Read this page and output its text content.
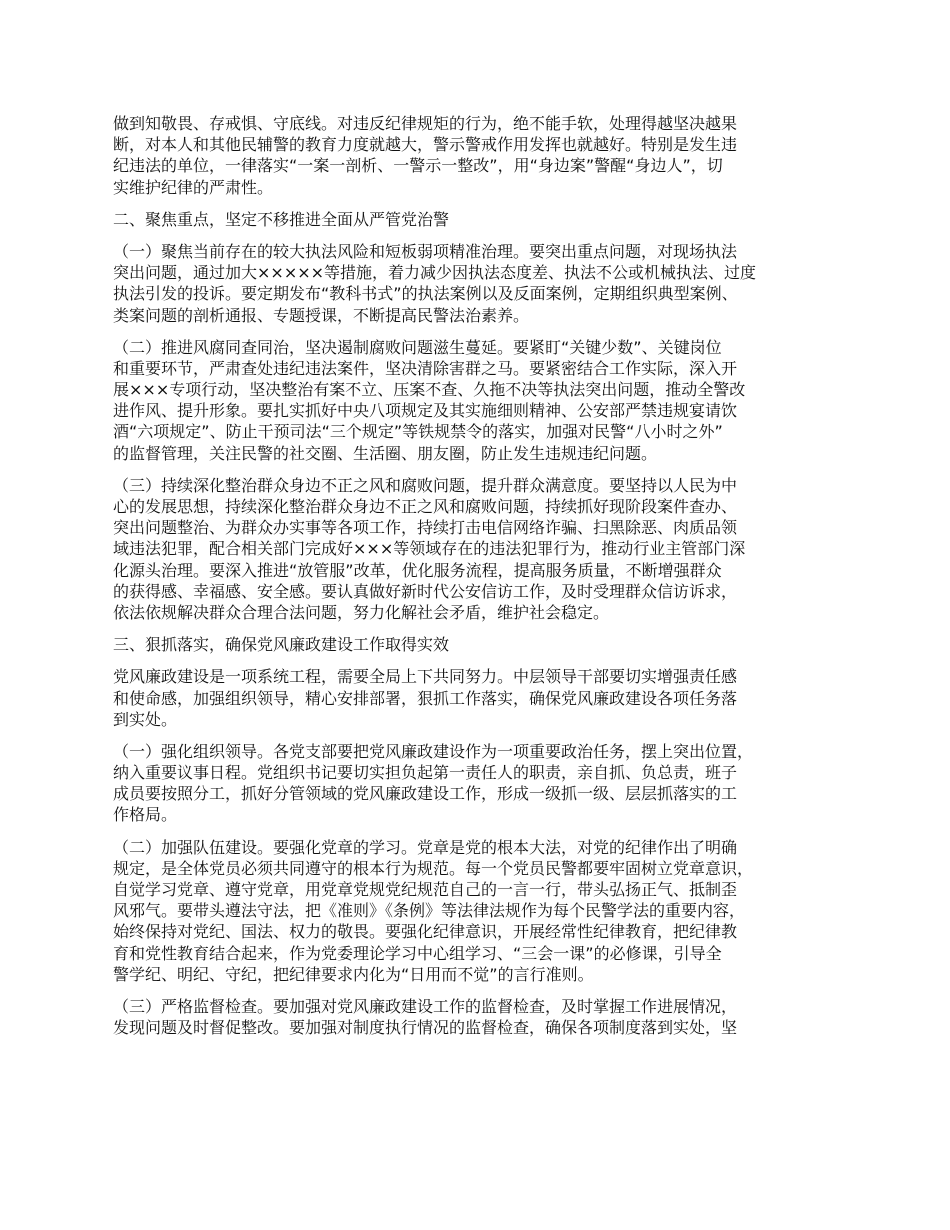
做到知敬畏、存戒惧、守底线。对违反纪律规矩的行为，绝不能手软，处理得越坚决越果
断，对本人和其他民辅警的教育力度就越大，警示警戒作用发挥也就越好。特别是发生违
纪违法的单位，一律落实“一案一剖析、一警示一整改”，用“身边案”警醒“身边人”，切
实维护纪律的严肃性。
二、聚焦重点，坚定不移推进全面从严管党治警
（一）聚焦当前存在的较大执法风险和短板弱项精准治理。要突出重点问题，对现场执法
突出问题，通过加大×××××等措施，着力减少因执法态度差、执法不公或机械执法、过度
执法引发的投诉。要定期发布“教科书式”的执法案例以及反面案例，定期组织典型案例、
类案问题的剖析通报、专题授课，不断提高民警法治素养。
（二）推进风腐同查同治，坚决遏制腐败问题滋生蔓延。要紧盯“关键少数”、关键岗位
和重要环节，严肃查处违纪违法案件，坚决清除害群之马。要紧密结合工作实际，深入开
展×××专项行动，坚决整治有案不立、压案不查、久拖不决等执法突出问题，推动全警改
进作风、提升形象。要扎实抓好中央八项规定及其实施细则精神、公安部严禁违规宴请饮
酒“六项规定”、防止干预司法“三个规定”等铁规禁令的落实，加强对民警“八小时之外”
的监督管理，关注民警的社交圈、生活圈、朋友圈，防止发生违规违纪问题。
（三）持续深化整治群众身边不正之风和腐败问题，提升群众满意度。要坚持以人民为中
心的发展思想，持续深化整治群众身边不正之风和腐败问题，持续抓好现阶段案件查办、
突出问题整治、为群众办实事等各项工作，持续打击电信网络诈骗、扫黑除恶、肉质品领
域违法犯罪，配合相关部门完成好×××等领域存在的违法犯罪行为，推动行业主管部门深
化源头治理。要深入推进“放管服”改革，优化服务流程，提高服务质量，不断增强群众
的获得感、幸福感、安全感。要认真做好新时代公安信访工作，及时受理群众信访诉求，
依法依规解决群众合理合法问题，努力化解社会矛盾，维护社会稳定。
三、狠抓落实，确保党风廉政建设工作取得实效
党风廉政建设是一项系统工程，需要全局上下共同努力。中层领导干部要切实增强责任感
和使命感，加强组织领导，精心安排部署，狠抓工作落实，确保党风廉政建设各项任务落
到实处。
（一）强化组织领导。各党支部要把党风廉政建设作为一项重要政治任务，摆上突出位置，
纳入重要议事日程。党组织书记要切实担负起第一责任人的职责，亲自抓、负总责，班子
成员要按照分工，抓好分管领域的党风廉政建设工作，形成一级抓一级、层层抓落实的工
作格局。
（二）加强队伍建设。要强化党章的学习。党章是党的根本大法，对党的纪律作出了明确
规定，是全体党员必须共同遵守的根本行为规范。每一个党员民警都要牢固树立党章意识，
自觉学习党章、遵守党章，用党章党规党纪规范自己的一言一行，带头弘扬正气、抵制歪
风邪气。要带头遵法守法，把《准则》《条例》等法律法规作为每个民警学法的重要内容，
始终保持对党纪、国法、权力的敬畏。要强化纪律意识，开展经常性纪律教育，把纪律教
育和党性教育结合起来，作为党委理论学习中心组学习、“三会一课”的必修课，引导全
警学纪、明纪、守纪，把纪律要求内化为“日用而不觉”的言行准则。
（三）严格监督检查。要加强对党风廉政建设工作的监督检查，及时掌握工作进展情况，
发现问题及时督促整改。要加强对制度执行情况的监督检查，确保各项制度落到实处，坚
